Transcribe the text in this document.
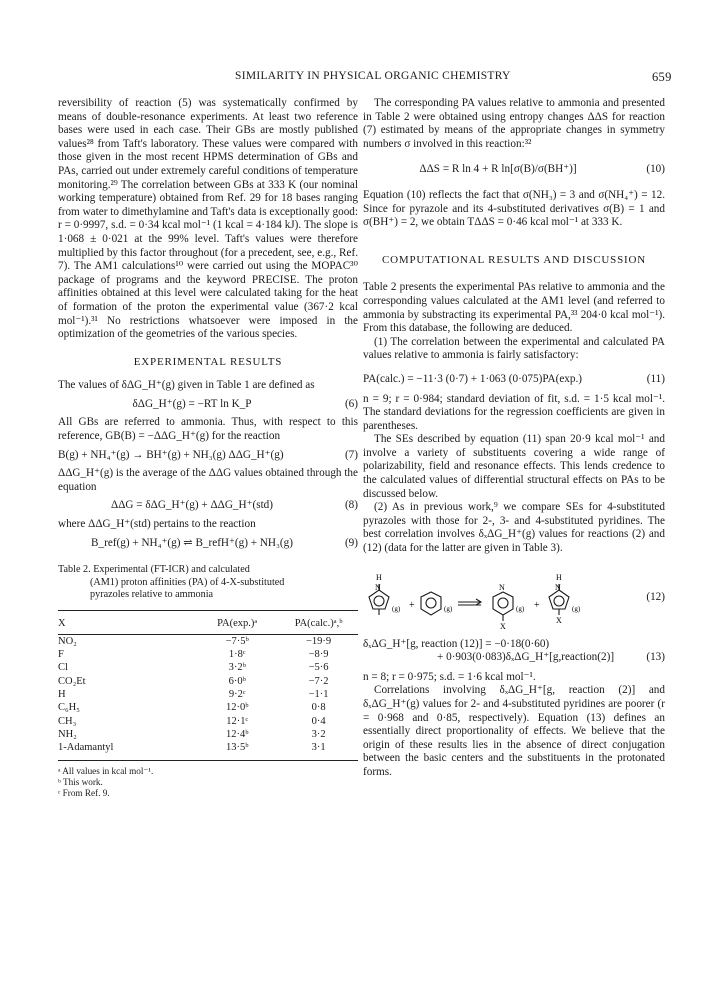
SIMILARITY IN PHYSICAL ORGANIC CHEMISTRY	659

reversibility of reaction (5) was systematically confirmed by means of double-resonance experiments. At least two reference bases were used in each case. Their GBs are mostly published values²⁸ from Taft's laboratory. These values were compared with those given in the most recent HPMS determination of GBs and PAs, carried out under extremely careful conditions of temperature monitoring.²⁹ The correlation between GBs at 333 K (our nominal working temperature) obtained from Ref. 29 for 18 bases ranging from water to dimethylamine and Taft's data is exceptionally good: r = 0·9997, s.d. = 0·34 kcal mol⁻¹ (1 kcal = 4·184 kJ). The slope is 1·068 ± 0·021 at the 99% level. Taft's values were therefore multiplied by this factor throughout (for a precedent, see, e.g., Ref. 7). The AM1 calculations¹⁰ were carried out using the MOPAC³⁰ package of programs and the keyword PRECISE. The proton affinities obtained at this level were calculated taking for the heat of formation of the proton the experimental value (367·2 kcal mol⁻¹).³¹ No restrictions whatsoever were imposed in the optimization of the geometries of the various species.

EXPERIMENTAL RESULTS

The values of δΔG_H⁺(g) given in Table 1 are defined as

δΔG_H⁺(g) = −RT ln K_P	(6)

All GBs are referred to ammonia. Thus, with respect to this reference, GB(B) = −ΔΔG_H⁺(g) for the reaction

B(g) + NH₄⁺(g) → BH⁺(g) + NH₃(g) ΔΔG_H⁺(g)	(7)

ΔΔG_H⁺(g) is the average of the ΔΔG values obtained through the equation

ΔΔG = δΔG_H⁺(g) + ΔΔG_H⁺(std)	(8)

where ΔΔG_H⁺(std) pertains to the reaction

B_ref(g) + NH₄⁺(g) ⇌ B_refH⁺(g) + NH₃(g)	(9)
Table 2. Experimental (FT-ICR) and calculated
(AM1) proton affinities (PA) of 4-X-substituted
pyrazoles relative to ammonia
X	PA(exp.)ᵃ	PA(calc.)ᵃ,ᵇ
NO₂	−7·5ᵇ	−19·9
F	1·8ᶜ	−8·9
Cl	3·2ᵇ	−5·6
CO₂Et	6·0ᵇ	−7·2
H	9·2ᶜ	−1·1
C₆H₅	12·0ᵇ	0·8
CH₃	12·1ᶜ	0·4
NH₂	12·4ᵇ	3·2
1-Adamantyl	13·5ᵇ	3·1
ᵃ All values in kcal mol⁻¹.
ᵇ This work.
ᶜ From Ref. 9.

The corresponding PA values relative to ammonia and presented in Table 2 were obtained using entropy changes ΔΔS for reaction (7) estimated by means of the appropriate changes in symmetry numbers σ involved in this reaction:³²

ΔΔS = R ln 4 + R ln[σ(B)/σ(BH⁺)]	(10)

Equation (10) reflects the fact that σ(NH₃) = 3 and σ(NH₄⁺) = 12. Since for pyrazole and its 4-substituted derivatives σ(B) = 1 and σ(BH⁺) = 2, we obtain TΔΔS = 0·46 kcal mol⁻¹ at 333 K.

COMPUTATIONAL RESULTS AND DISCUSSION

Table 2 presents the experimental PAs relative to ammonia and the corresponding values calculated at the AM1 level (and referred to ammonia by substracting its experimental PA,³³ 204·0 kcal mol⁻¹). From this database, the following are deduced.

(1) The correlation between the experimental and calculated PA values relative to ammonia is fairly satisfactory:

PA(calc.) = −11·3 (0·7) + 1·063 (0·075)PA(exp.)	(11)

n = 9; r = 0·984; standard deviation of fit, s.d. = 1·5 kcal mol⁻¹. The standard deviations for the regression coefficients are given in parentheses.

The SEs described by equation (11) span 20·9 kcal mol⁻¹ and involve a variety of substituents covering a wide range of polarizability, field and resonance effects. This lends credence to the calculated values of differential structural effects on PAs to be discussed below.

(2) As in previous work,⁹ we compare SEs for 4-substituted pyrazoles with those for 2-, 3- and 4-substituted pyridines. The best correlation involves δₓΔG_H⁺(g) values for reactions (2) and (12) (data for the latter are given in Table 3).

H
N
(g) +	(g)
N
(g) +
X
H
N
(g)
X
(12)
δₓΔG_H⁺[g, reaction (12)] = −0·18(0·60)
+ 0·903(0·083)δₓΔG_H⁺[g,reaction(2)]	(13)

n = 8; r = 0·975; s.d. = 1·6 kcal mol⁻¹.

Correlations involving δₓΔG_H⁺[g, reaction (2)] and δₓΔG_H⁺(g) values for 2- and 4-substituted pyridines are poorer (r = 0·968 and 0·85, respectively). Equation (13) defines an essentially direct proportionality of effects. We believe that the origin of these results lies in the absence of direct conjugation between the basic centers and the substituents in the protonated forms.
